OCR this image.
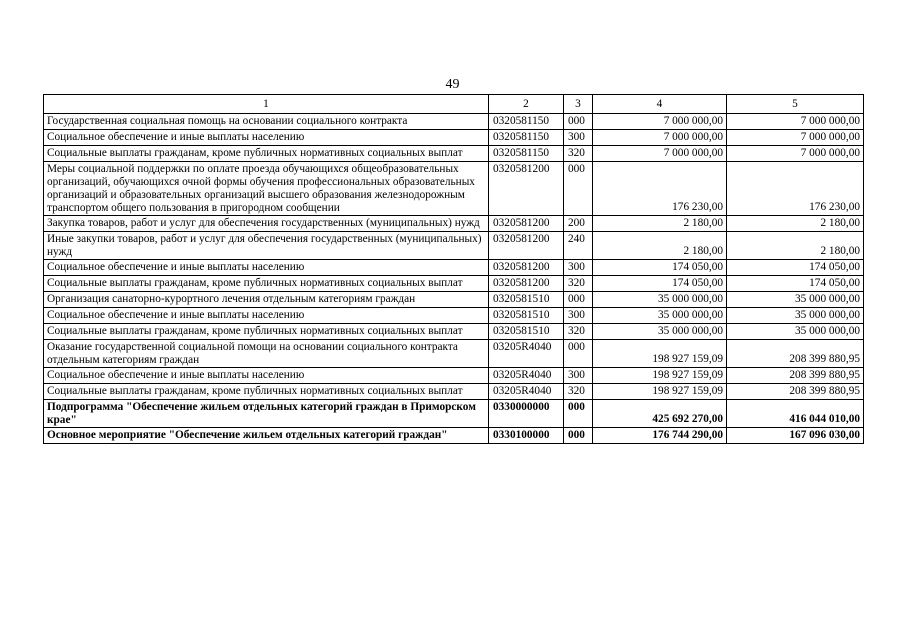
49
1	2	3	4	5
Государственная социальная помощь на основании социального контракта	0320581150	000	7 000 000,00	7 000 000,00
Социальное обеспечение и иные выплаты населению	0320581150	300	7 000 000,00	7 000 000,00
Социальные выплаты гражданам, кроме публичных нормативных социальных выплат	0320581150	320	7 000 000,00	7 000 000,00
Меры социальной поддержки по оплате проезда обучающихся общеобразовательных организаций, обучающихся очной формы обучения профессиональных образовательных организаций и образовательных организаций высшего образования железнодорожным транспортом общего пользования в пригородном сообщении	0320581200	000	176 230,00	176 230,00
Закупка товаров, работ и услуг для обеспечения государственных (муниципальных) нужд	0320581200	200	2 180,00	2 180,00
Иные закупки товаров, работ и услуг для обеспечения государственных (муниципальных) нужд	0320581200	240	2 180,00	2 180,00
Социальное обеспечение и иные выплаты населению	0320581200	300	174 050,00	174 050,00
Социальные выплаты гражданам, кроме публичных нормативных социальных выплат	0320581200	320	174 050,00	174 050,00
Организация санаторно-курортного лечения отдельным категориям граждан	0320581510	000	35 000 000,00	35 000 000,00
Социальное обеспечение и иные выплаты населению	0320581510	300	35 000 000,00	35 000 000,00
Социальные выплаты гражданам, кроме публичных нормативных социальных выплат	0320581510	320	35 000 000,00	35 000 000,00
Оказание государственной социальной помощи на основании социального контракта отдельным категориям граждан	03205R4040	000	198 927 159,09	208 399 880,95
Социальное обеспечение и иные выплаты населению	03205R4040	300	198 927 159,09	208 399 880,95
Социальные выплаты гражданам, кроме публичных нормативных социальных выплат	03205R4040	320	198 927 159,09	208 399 880,95
Подпрограмма "Обеспечение жильем отдельных категорий граждан в Приморском крае"	0330000000	000	425 692 270,00	416 044 010,00
Основное мероприятие "Обеспечение жильем отдельных категорий граждан"	0330100000	000	176 744 290,00	167 096 030,00
